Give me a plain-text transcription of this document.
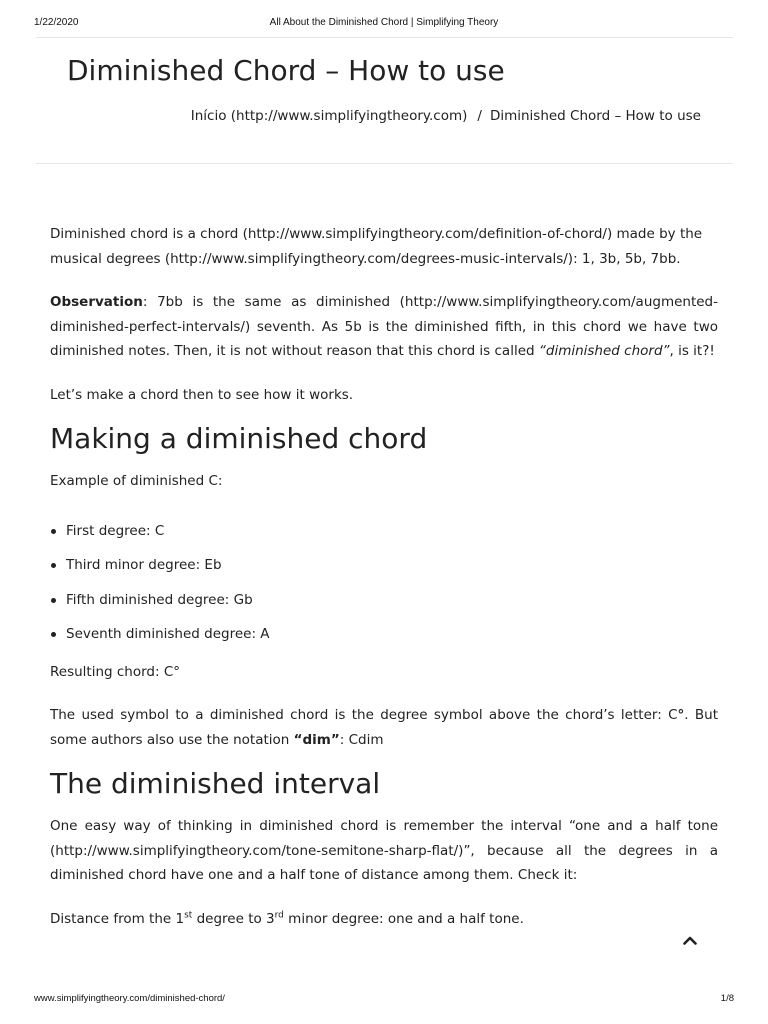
1/22/2020	All About the Diminished Chord | Simplifying Theory
Diminished Chord – How to use
Início (http://www.simplifyingtheory.com) / Diminished Chord – How to use

Diminished chord is a chord (http://www.simplifyingtheory.com/definition-of-chord/) made by the musical degrees (http://www.simplifyingtheory.com/degrees-music-intervals/): 1, 3b, 5b, 7bb.

Observation: 7bb is the same as diminished (http://www.simplifyingtheory.com/augmented-diminished-perfect-intervals/) seventh. As 5b is the diminished fifth, in this chord we have two diminished notes. Then, it is not without reason that this chord is called “diminished chord”, is it?!

Let’s make a chord then to see how it works.

Making a diminished chord

Example of diminished C:

First degree: C
Third minor degree: Eb
Fifth diminished degree: Gb
Seventh diminished degree: A

Resulting chord: C°

The used symbol to a diminished chord is the degree symbol above the chord’s letter: C°. But some authors also use the notation “dim”: Cdim

The diminished interval

One easy way of thinking in diminished chord is remember the interval “one and a half tone (http://www.simplifyingtheory.com/tone-semitone-sharp-flat/)”, because all the degrees in a diminished chord have one and a half tone of distance among them. Check it:

Distance from the 1st degree to 3rd minor degree: one and a half tone.

www.simplifyingtheory.com/diminished-chord/	1/8
